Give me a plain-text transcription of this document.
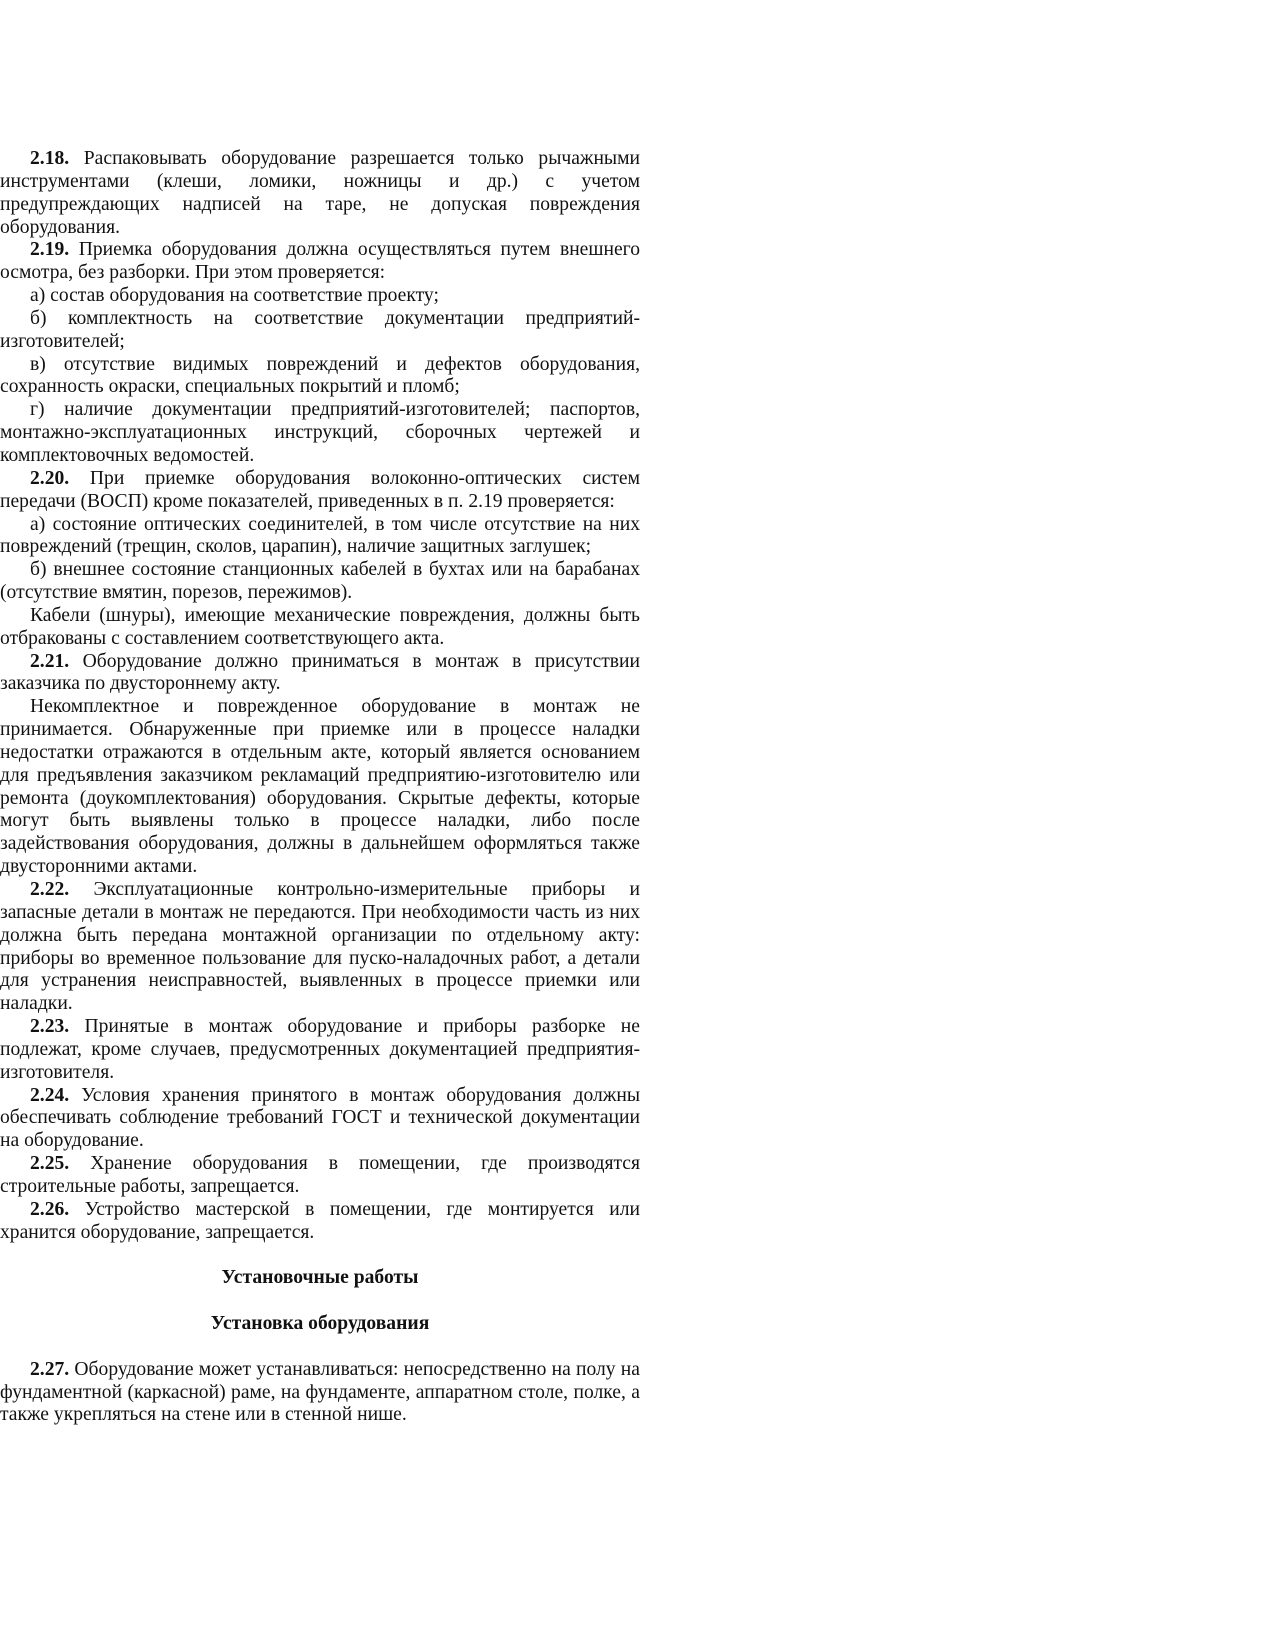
2.18. Распаковывать оборудование разрешается только рычажными инструментами (клеши, ломики, ножницы и др.) с учетом предупреждающих надписей на таре, не допуская повреждения оборудования.

2.19. Приемка оборудования должна осуществляться путем внешнего осмотра, без разборки. При этом проверяется:

а) состав оборудования на соответствие проекту;

б) комплектность на соответствие документации предприятий-изготовителей;

в) отсутствие видимых повреждений и дефектов оборудования, сохранность окраски, специальных покрытий и пломб;

г) наличие документации предприятий-изготовителей; паспортов, монтажно-эксплуатационных инструкций, сборочных чертежей и комплектовочных ведомостей.

2.20. При приемке оборудования волоконно-оптических систем передачи (ВОСП) кроме показателей, приведенных в п. 2.19 проверяется:

а) состояние оптических соединителей, в том числе отсутствие на них повреждений (трещин, сколов, царапин), наличие защитных заглушек;

б) внешнее состояние станционных кабелей в бухтах или на барабанах (отсутствие вмятин, порезов, пережимов).

Кабели (шнуры), имеющие механические повреждения, должны быть отбракованы с составлением соответствующего акта.

2.21. Оборудование должно приниматься в монтаж в присутствии заказчика по двустороннему акту.

Некомплектное и поврежденное оборудование в монтаж не принимается. Обнаруженные при приемке или в процессе наладки недостатки отражаются в отдельным акте, который является основанием для предъявления заказчиком рекламаций предприятию-изготовителю или ремонта (доукомплектования) оборудования. Скрытые дефекты, которые могут быть выявлены только в процессе наладки, либо после задействования оборудования, должны в дальнейшем оформляться также двусторонними актами.

2.22. Эксплуатационные контрольно-измерительные приборы и запасные детали в монтаж не передаются. При необходимости часть из них должна быть передана монтажной организации по отдельному акту: приборы во временное пользование для пуско-наладочных работ, а детали для устранения неисправностей, выявленных в процессе приемки или наладки.

2.23. Принятые в монтаж оборудование и приборы разборке не подлежат, кроме случаев, предусмотренных документацией предприятия-изготовителя.

2.24. Условия хранения принятого в монтаж оборудования должны обеспечивать соблюдение требований ГОСТ и технической документации на оборудование.

2.25. Хранение оборудования в помещении, где производятся строительные работы, запрещается.

2.26. Устройство мастерской в помещении, где монтируется или хранится оборудование, запрещается.

Установочные работы
Установка оборудования

2.27. Оборудование может устанавливаться: непосредственно на полу на фундаментной (каркасной) раме, на фундаменте, аппаратном столе, полке, а также укрепляться на стене или в стенной нише.
